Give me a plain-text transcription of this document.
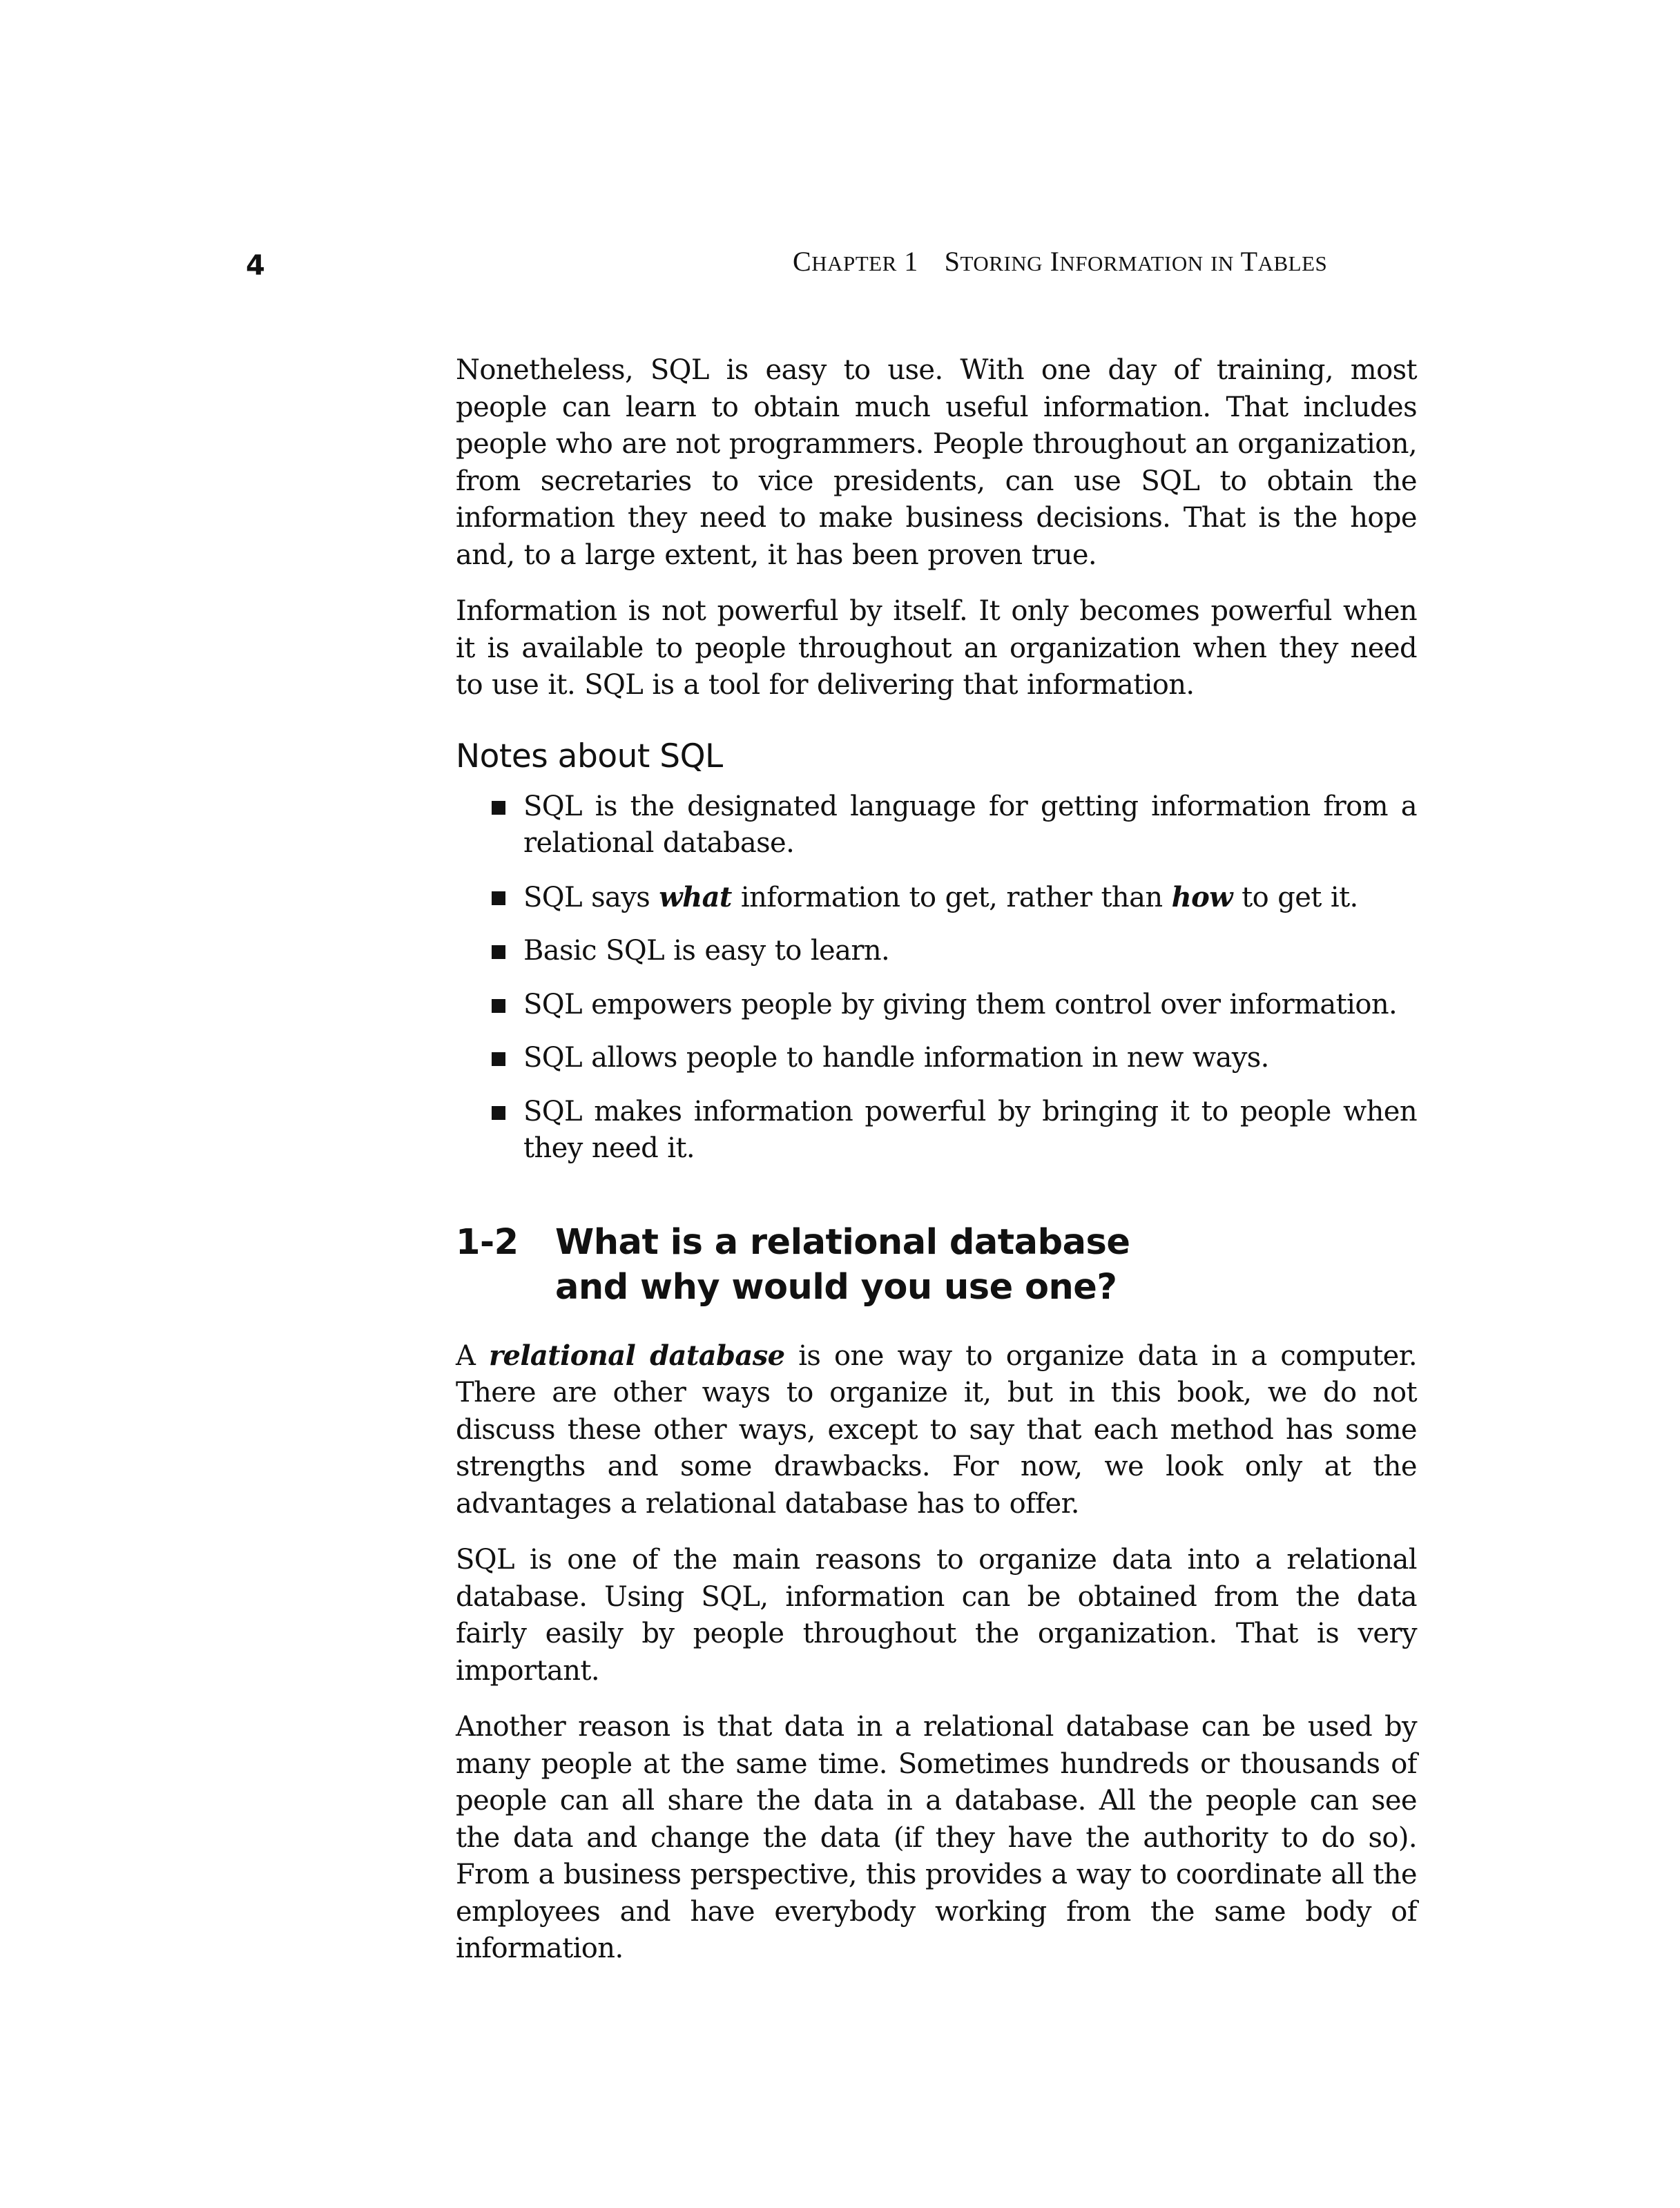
4	CHAPTER 1 STORING INFORMATION IN TABLES

Nonetheless, SQL is easy to use. With one day of training, most people can learn to obtain much useful information. That includes people who are not programmers. People throughout an organization, from secretaries to vice presidents, can use SQL to obtain the information they need to make business decisions. That is the hope and, to a large extent, it has been proven true.

Information is not powerful by itself. It only becomes powerful when it is available to people throughout an organization when they need to use it. SQL is a tool for delivering that information.

Notes about SQL
SQL is the designated language for getting information from a relational database.
SQL says what information to get, rather than how to get it.
Basic SQL is easy to learn.
SQL empowers people by giving them control over information.
SQL allows people to handle information in new ways.
SQL makes information powerful by bringing it to people when they need it.
1-2	What is a relational database
and why would you use one?

A relational database is one way to organize data in a computer. There are other ways to organize it, but in this book, we do not discuss these other ways, except to say that each method has some strengths and some drawbacks. For now, we look only at the advantages a relational database has to offer.

SQL is one of the main reasons to organize data into a relational database. Using SQL, information can be obtained from the data fairly easily by people throughout the organization. That is very important.

Another reason is that data in a relational database can be used by many people at the same time. Sometimes hundreds or thousands of people can all share the data in a database. All the people can see the data and change the data (if they have the authority to do so). From a business perspective, this provides a way to coordinate all the employees and have everybody working from the same body of information.
